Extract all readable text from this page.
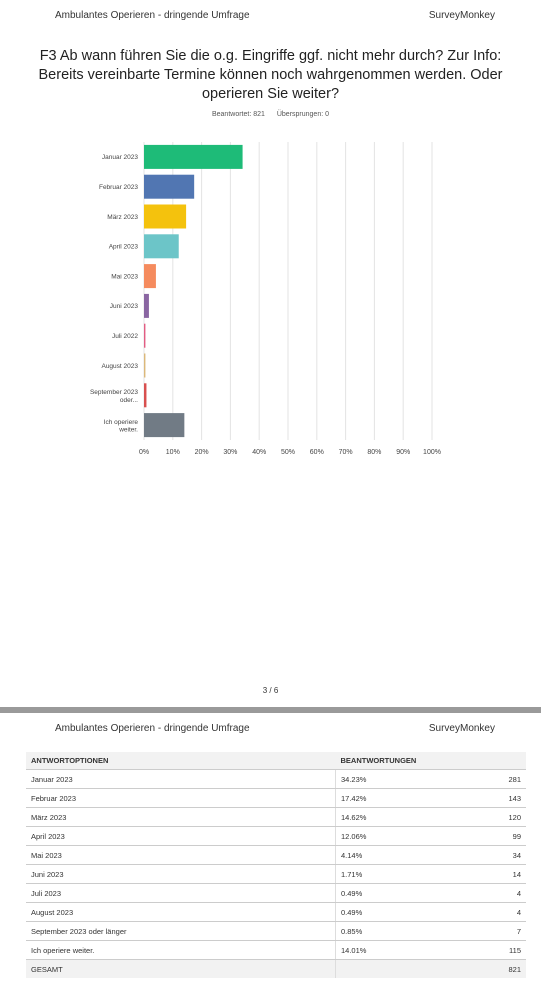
Ambulantes Operieren - dringende Umfrage	SurveyMonkey
F3 Ab wann führen Sie die o.g. Eingriffe ggf. nicht mehr durch? Zur Info: Bereits vereinbarte Termine können noch wahrgenommen werden. Oder operieren Sie weiter?
Beantwortet: 821 Übersprungen: 0
0% 10% 20% 30% 40% 50% 60% 70% 80% 90% 100%
Januar 2023
Februar 2023
März 2023
April 2023
Mai 2023
Juni 2023
Juli 2022
August 2023
September 2023 oder...
Ich operiere weiter.
3 / 6
Ambulantes Operieren - dringende Umfrage	SurveyMonkey
ANTWORTOPTIONEN	BEANTWORTUNGEN	
Januar 2023	34.23%	281
Februar 2023	17.42%	143
März 2023	14.62%	120
April 2023	12.06%	99
Mai 2023	4.14%	34
Juni 2023	1.71%	14
Juli 2023	0.49%	4
August 2023	0.49%	4
September 2023 oder länger	0.85%	7
Ich operiere weiter.	14.01%	115
GESAMT		821
